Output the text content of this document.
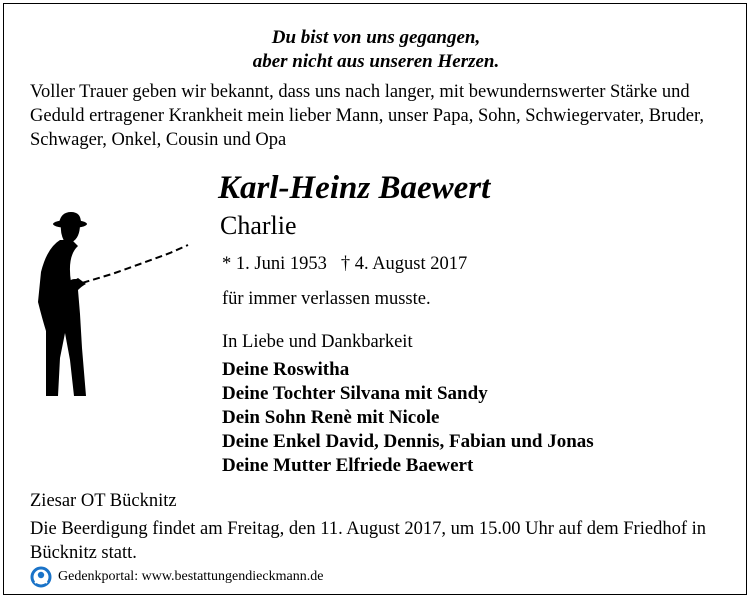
Du bist von uns gegangen,
aber nicht aus unseren Herzen.
Voller Trauer geben wir bekannt, dass uns nach langer, mit bewundernswerter Stärke und Geduld ertragener Krankheit mein lieber Mann, unser Papa, Sohn, Schwiegervater, Bruder, Schwager, Onkel, Cousin und Opa
Karl-Heinz Baewert
Charlie
* 1. Juni 1953 † 4. August 2017
für immer verlassen musste.
In Liebe und Dankbarkeit
Deine Roswitha
Deine Tochter Silvana mit Sandy
Dein Sohn Renè mit Nicole
Deine Enkel David, Dennis, Fabian und Jonas
Deine Mutter Elfriede Baewert
Ziesar OT Bücknitz
Die Beerdigung findet am Freitag, den 11. August 2017, um 15.00 Uhr auf dem Friedhof in Bücknitz statt.
Gedenkportal:
www.bestattungendieckmann.de
